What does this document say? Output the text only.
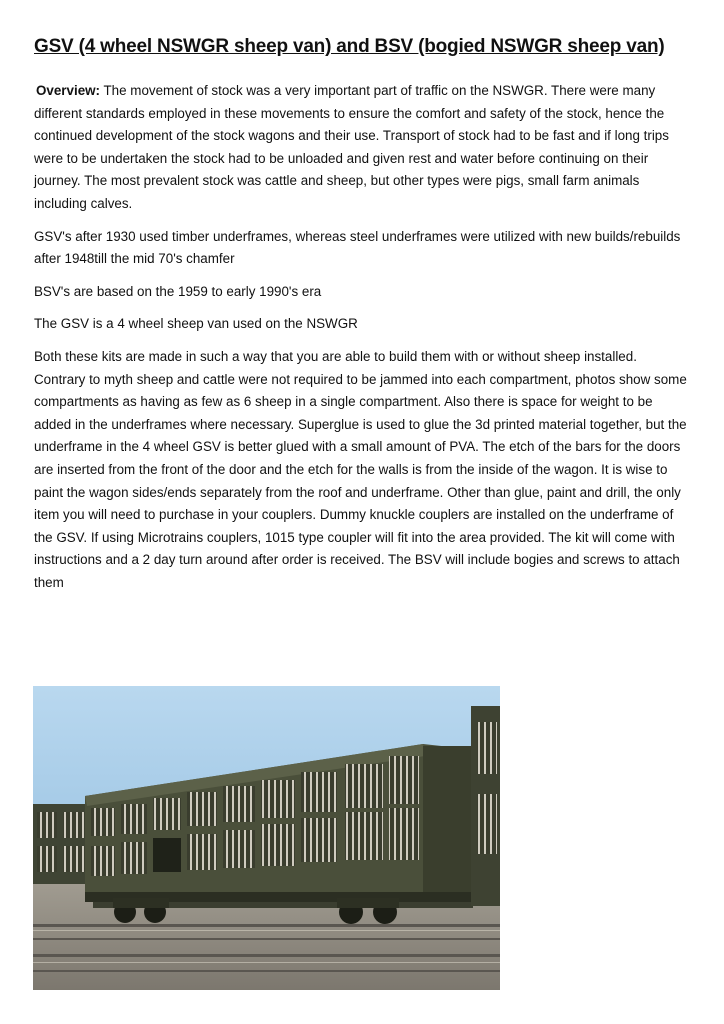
GSV (4 wheel NSWGR sheep van) and BSV (bogied NSWGR sheep van)

Overview: The movement of stock was a very important part of traffic on the NSWGR. There were many different standards employed in these movements to ensure the comfort and safety of the stock, hence the continued development of the stock wagons and their use. Transport of stock had to be fast and if long trips were to be undertaken the stock had to be unloaded and given rest and water before continuing on their journey. The most prevalent stock was cattle and sheep, but other types were pigs, small farm animals including calves.

GSV's after 1930 used timber underframes, whereas steel underframes were utilized with new builds/rebuilds after 1948till the mid 70's chamfer

BSV's are based on the 1959 to early 1990's era

The GSV is a 4 wheel sheep van used on the NSWGR

Both these kits are made in such a way that you are able to build them with or without sheep installed. Contrary to myth sheep and cattle were not required to be jammed into each compartment, photos show some compartments as having as few as 6 sheep in a single compartment. Also there is space for weight to be added in the underframes where necessary. Superglue is used to glue the 3d printed material together, but the underframe in the 4 wheel GSV is better glued with a small amount of PVA. The etch of the bars for the doors are inserted from the front of the door and the etch for the walls is from the inside of the wagon. It is wise to paint the wagon sides/ends separately from the roof and underframe. Other than glue, paint and drill, the only item you will need to purchase in your couplers. Dummy knuckle couplers are installed on the underframe of the GSV. If using Microtrains couplers, 1015 type coupler will fit into the area provided. The kit will come with instructions and a 2 day turn around after order is received. The BSV will include bogies and screws to attach them
